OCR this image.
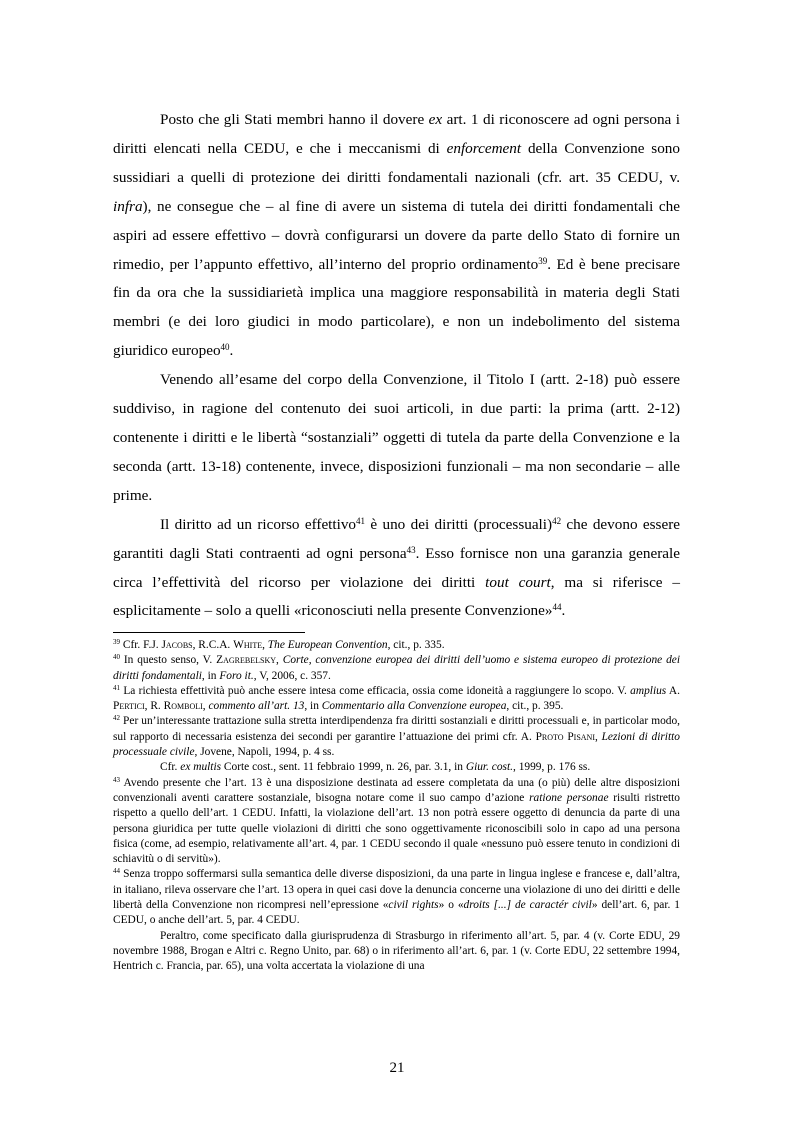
Posto che gli Stati membri hanno il dovere ex art. 1 di riconoscere ad ogni persona i diritti elencati nella CEDU, e che i meccanismi di enforcement della Convenzione sono sussidiari a quelli di protezione dei diritti fondamentali nazionali (cfr. art. 35 CEDU, v. infra), ne consegue che – al fine di avere un sistema di tutela dei diritti fondamentali che aspiri ad essere effettivo – dovrà configurarsi un dovere da parte dello Stato di fornire un rimedio, per l’appunto effettivo, all’interno del proprio ordinamento$^{39}$. Ed è bene precisare fin da ora che la sussidiarietà implica una maggiore responsabilità in materia degli Stati membri (e dei loro giudici in modo particolare), e non un indebolimento del sistema giuridico europeo$^{40}$.

Venendo all’esame del corpo della Convenzione, il Titolo I (artt. 2-18) può essere suddiviso, in ragione del contenuto dei suoi articoli, in due parti: la prima (artt. 2-12) contenente i diritti e le libertà “sostanziali” oggetti di tutela da parte della Convenzione e la seconda (artt. 13-18) contenente, invece, disposizioni funzionali – ma non secondarie – alle prime.

Il diritto ad un ricorso effettivo$^{41}$ è uno dei diritti (processuali)$^{42}$ che devono essere garantiti dagli Stati contraenti ad ogni persona$^{43}$. Esso fornisce non una garanzia generale circa l’effettività del ricorso per violazione dei diritti tout court, ma si riferisce – esplicitamente – solo a quelli «riconosciuti nella presente Convenzione»$^{44}$.

$^{39}$ Cfr. F.J. Jacobs, R.C.A. White, The European Convention, cit., p. 335.

$^{40}$ In questo senso, V. Zagrebelsky, Corte, convenzione europea dei diritti dell’uomo e sistema europeo di protezione dei diritti fondamentali, in Foro it., V, 2006, c. 357.

$^{41}$ La richiesta effettività può anche essere intesa come efficacia, ossia come idoneità a raggiungere lo scopo. V. amplius A. Pertici, R. Romboli, commento all’art. 13, in Commentario alla Convenzione europea, cit., p. 395.

$^{42}$ Per un’interessante trattazione sulla stretta interdipendenza fra diritti sostanziali e diritti processuali e, in particolar modo, sul rapporto di necessaria esistenza dei secondi per garantire l’attuazione dei primi cfr. A. Proto Pisani, Lezioni di diritto processuale civile, Jovene, Napoli, 1994, p. 4 ss.

Cfr. ex multis Corte cost., sent. 11 febbraio 1999, n. 26, par. 3.1, in Giur. cost., 1999, p. 176 ss.

$^{43}$ Avendo presente che l’art. 13 è una disposizione destinata ad essere completata da una (o più) delle altre disposizioni convenzionali aventi carattere sostanziale, bisogna notare come il suo campo d’azione ratione personae risulti ristretto rispetto a quello dell’art. 1 CEDU. Infatti, la violazione dell’art. 13 non potrà essere oggetto di denuncia da parte di una persona giuridica per tutte quelle violazioni di diritti che sono oggettivamente riconoscibili solo in capo ad una persona fisica (come, ad esempio, relativamente all’art. 4, par. 1 CEDU secondo il quale «nessuno può essere tenuto in condizioni di schiavitù o di servitù»).

$^{44}$ Senza troppo soffermarsi sulla semantica delle diverse disposizioni, da una parte in lingua inglese e francese e, dall’altra, in italiano, rileva osservare che l’art. 13 opera in quei casi dove la denuncia concerne una violazione di uno dei diritti e delle libertà della Convenzione non ricompresi nell’epressione «civil rights» o «droits [...] de caractér civil» dell’art. 6, par. 1 CEDU, o anche dell’art. 5, par. 4 CEDU.

Peraltro, come specificato dalla giurisprudenza di Strasburgo in riferimento all’art. 5, par. 4 (v. Corte EDU, 29 novembre 1988, Brogan e Altri c. Regno Unito, par. 68) o in riferimento all’art. 6, par. 1 (v. Corte EDU, 22 settembre 1994, Hentrich c. Francia, par. 65), una volta accertata la violazione di una

21
